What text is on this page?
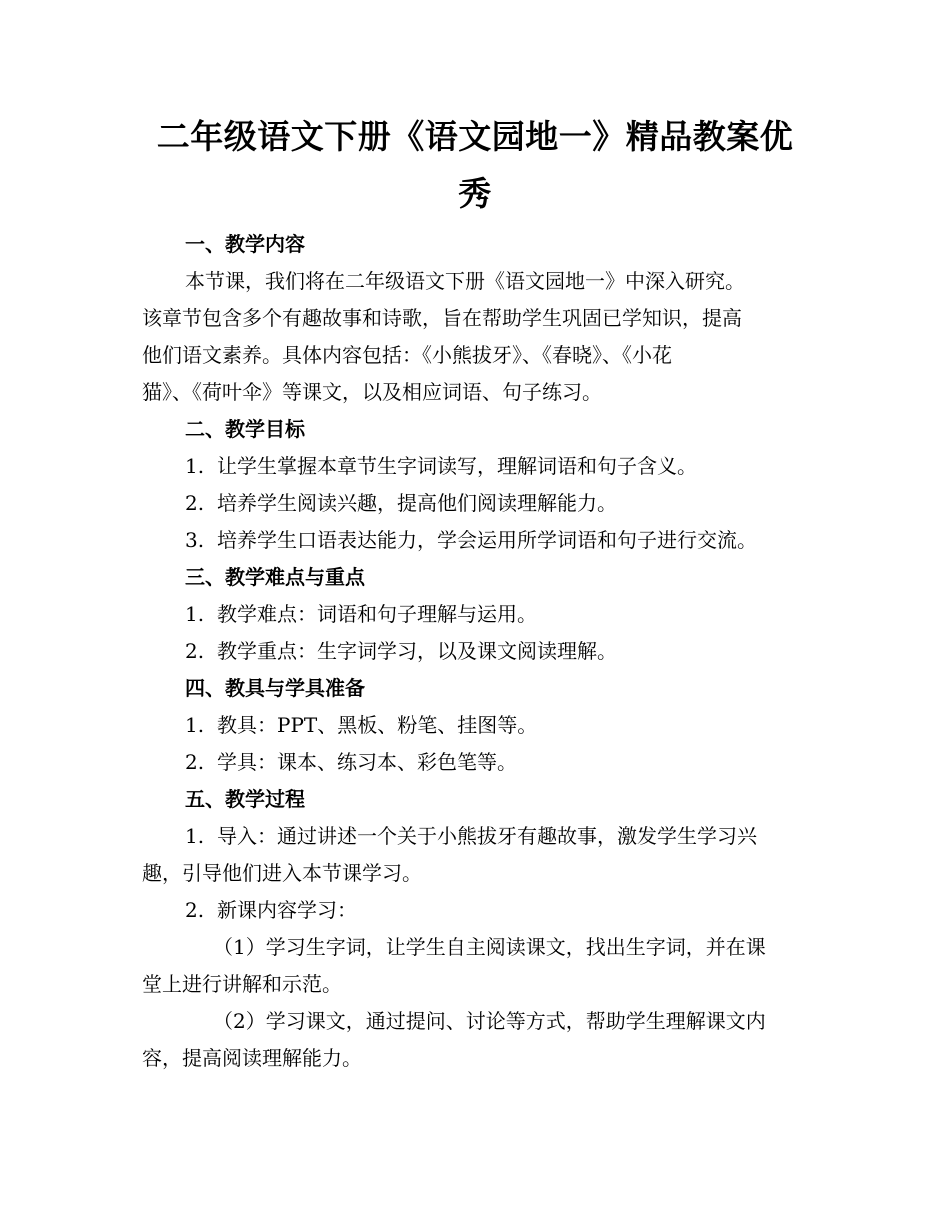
二年级语文下册《语文园地一》精品教案优
秀
一、教学内容
本节课，我们将在二年级语文下册《语文园地一》中深入研究。
该章节包含多个有趣故事和诗歌，旨在帮助学生巩固已学知识，提高
他们语文素养。具体内容包括：《小熊拔牙》、《春晓》、《小花
猫》、《荷叶伞》等课文，以及相应词语、句子练习。
二、教学目标
1. 让学生掌握本章节生字词读写，理解词语和句子含义。
2. 培养学生阅读兴趣，提高他们阅读理解能力。
3. 培养学生口语表达能力，学会运用所学词语和句子进行交流。
三、教学难点与重点
1. 教学难点：词语和句子理解与运用。
2. 教学重点：生字词学习，以及课文阅读理解。
四、教具与学具准备
1. 教具：PPT、黑板、粉笔、挂图等。
2. 学具：课本、练习本、彩色笔等。
五、教学过程
1. 导入：通过讲述一个关于小熊拔牙有趣故事，激发学生学习兴
趣，引导他们进入本节课学习。
2. 新课内容学习：
（1）学习生字词，让学生自主阅读课文，找出生字词，并在课
堂上进行讲解和示范。
（2）学习课文，通过提问、讨论等方式，帮助学生理解课文内
容，提高阅读理解能力。
